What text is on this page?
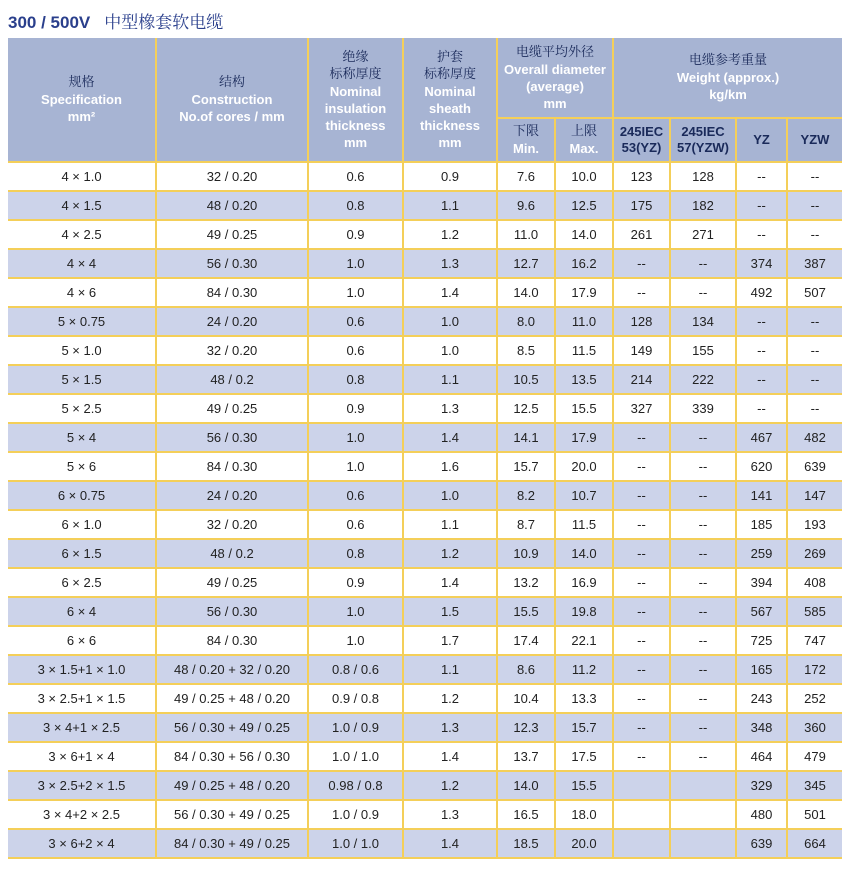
300 / 500V 中型橡套软电缆
规格
Specification
mm²	结构
Construction
No.of cores / mm	绝缘
标称厚度
Nominal insulation thickness
mm	护套
标称厚度
Nominal sheath thickness
mm	电缆平均外径
Overall diameter (average)
mm		电缆参考重量
Weight (approx.)
kg/km			

				下限
Min.	上限
Max.	245IEC 53(YZ)	245IEC 57(YZW)	YZ	YZW

4 × 1.0	32 / 0.20	0.6	0.9	7.6	10.0	123	128	--	--
4 × 1.5	48 / 0.20	0.8	1.1	9.6	12.5	175	182	--	--
4 × 2.5	49 / 0.25	0.9	1.2	11.0	14.0	261	271	--	--
4 × 4	56 / 0.30	1.0	1.3	12.7	16.2	--	--	374	387
4 × 6	84 / 0.30	1.0	1.4	14.0	17.9	--	--	492	507
5 × 0.75	24 / 0.20	0.6	1.0	8.0	11.0	128	134	--	--
5 × 1.0	32 / 0.20	0.6	1.0	8.5	11.5	149	155	--	--
5 × 1.5	48 / 0.2	0.8	1.1	10.5	13.5	214	222	--	--
5 × 2.5	49 / 0.25	0.9	1.3	12.5	15.5	327	339	--	--
5 × 4	56 / 0.30	1.0	1.4	14.1	17.9	--	--	467	482
5 × 6	84 / 0.30	1.0	1.6	15.7	20.0	--	--	620	639
6 × 0.75	24 / 0.20	0.6	1.0	8.2	10.7	--	--	141	147
6 × 1.0	32 / 0.20	0.6	1.1	8.7	11.5	--	--	185	193
6 × 1.5	48 / 0.2	0.8	1.2	10.9	14.0	--	--	259	269
6 × 2.5	49 / 0.25	0.9	1.4	13.2	16.9	--	--	394	408
6 × 4	56 / 0.30	1.0	1.5	15.5	19.8	--	--	567	585
6 × 6	84 / 0.30	1.0	1.7	17.4	22.1	--	--	725	747
3 × 1.5+1 × 1.0	48 / 0.20 + 32 / 0.20	0.8 / 0.6	1.1	8.6	11.2	--	--	165	172
3 × 2.5+1 × 1.5	49 / 0.25 + 48 / 0.20	0.9 / 0.8	1.2	10.4	13.3	--	--	243	252
3 × 4+1 × 2.5	56 / 0.30 + 49 / 0.25	1.0 / 0.9	1.3	12.3	15.7	--	--	348	360
3 × 6+1 × 4	84 / 0.30 + 56 / 0.30	1.0 / 1.0	1.4	13.7	17.5	--	--	464	479
3 × 2.5+2 × 1.5	49 / 0.25 + 48 / 0.20	0.98 / 0.8	1.2	14.0	15.5			329	345
3 × 4+2 × 2.5	56 / 0.30 + 49 / 0.25	1.0 / 0.9	1.3	16.5	18.0			480	501
3 × 6+2 × 4	84 / 0.30 + 49 / 0.25	1.0 / 1.0	1.4	18.5	20.0			639	664
